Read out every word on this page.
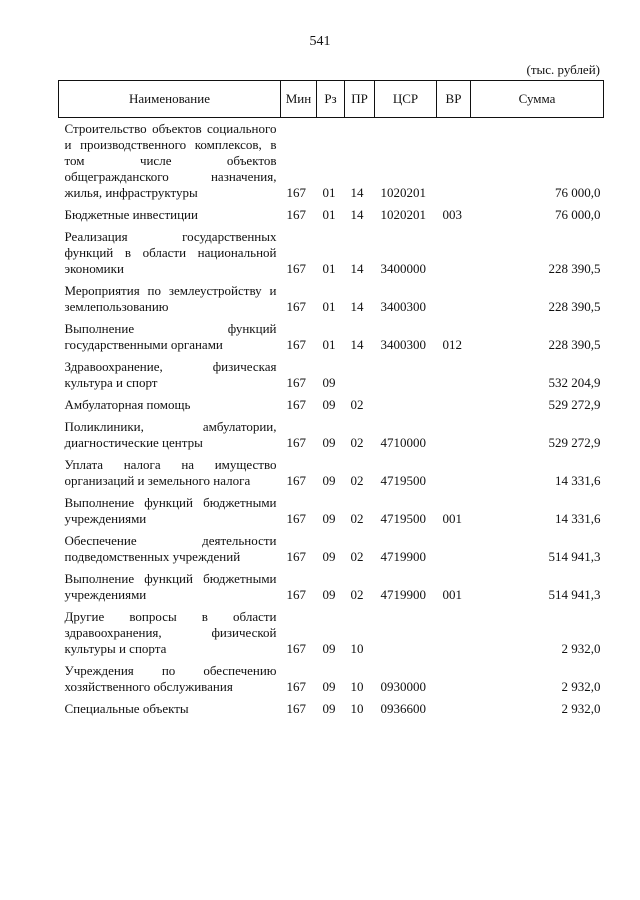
541
(тыс. рублей)
Наименование	Мин	Рз	ПР	ЦСР	ВР	Сумма
Строительство объектов социального и производственного комплексов, в том числе объектов общегражданского назначения, жилья, инфраструктуры	167	01	14	1020201		76 000,0
Бюджетные инвестиции	167	01	14	1020201	003	76 000,0
Реализация государственных функций в области национальной экономики	167	01	14	3400000		228 390,5
Мероприятия по землеустройству и землепользованию	167	01	14	3400300		228 390,5
Выполнение функций государственными органами	167	01	14	3400300	012	228 390,5
Здравоохранение, физическая культура и спорт	167	09				532 204,9
Амбулаторная помощь	167	09	02			529 272,9
Поликлиники, амбулатории, диагностические центры	167	09	02	4710000		529 272,9
Уплата налога на имущество организаций и земельного налога	167	09	02	4719500		14 331,6
Выполнение функций бюджетными учреждениями	167	09	02	4719500	001	14 331,6
Обеспечение деятельности подведомственных учреждений	167	09	02	4719900		514 941,3
Выполнение функций бюджетными учреждениями	167	09	02	4719900	001	514 941,3
Другие вопросы в области здравоохранения, физической культуры и спорта	167	09	10			2 932,0
Учреждения по обеспечению хозяйственного обслуживания	167	09	10	0930000		2 932,0
Специальные объекты	167	09	10	0936600		2 932,0
